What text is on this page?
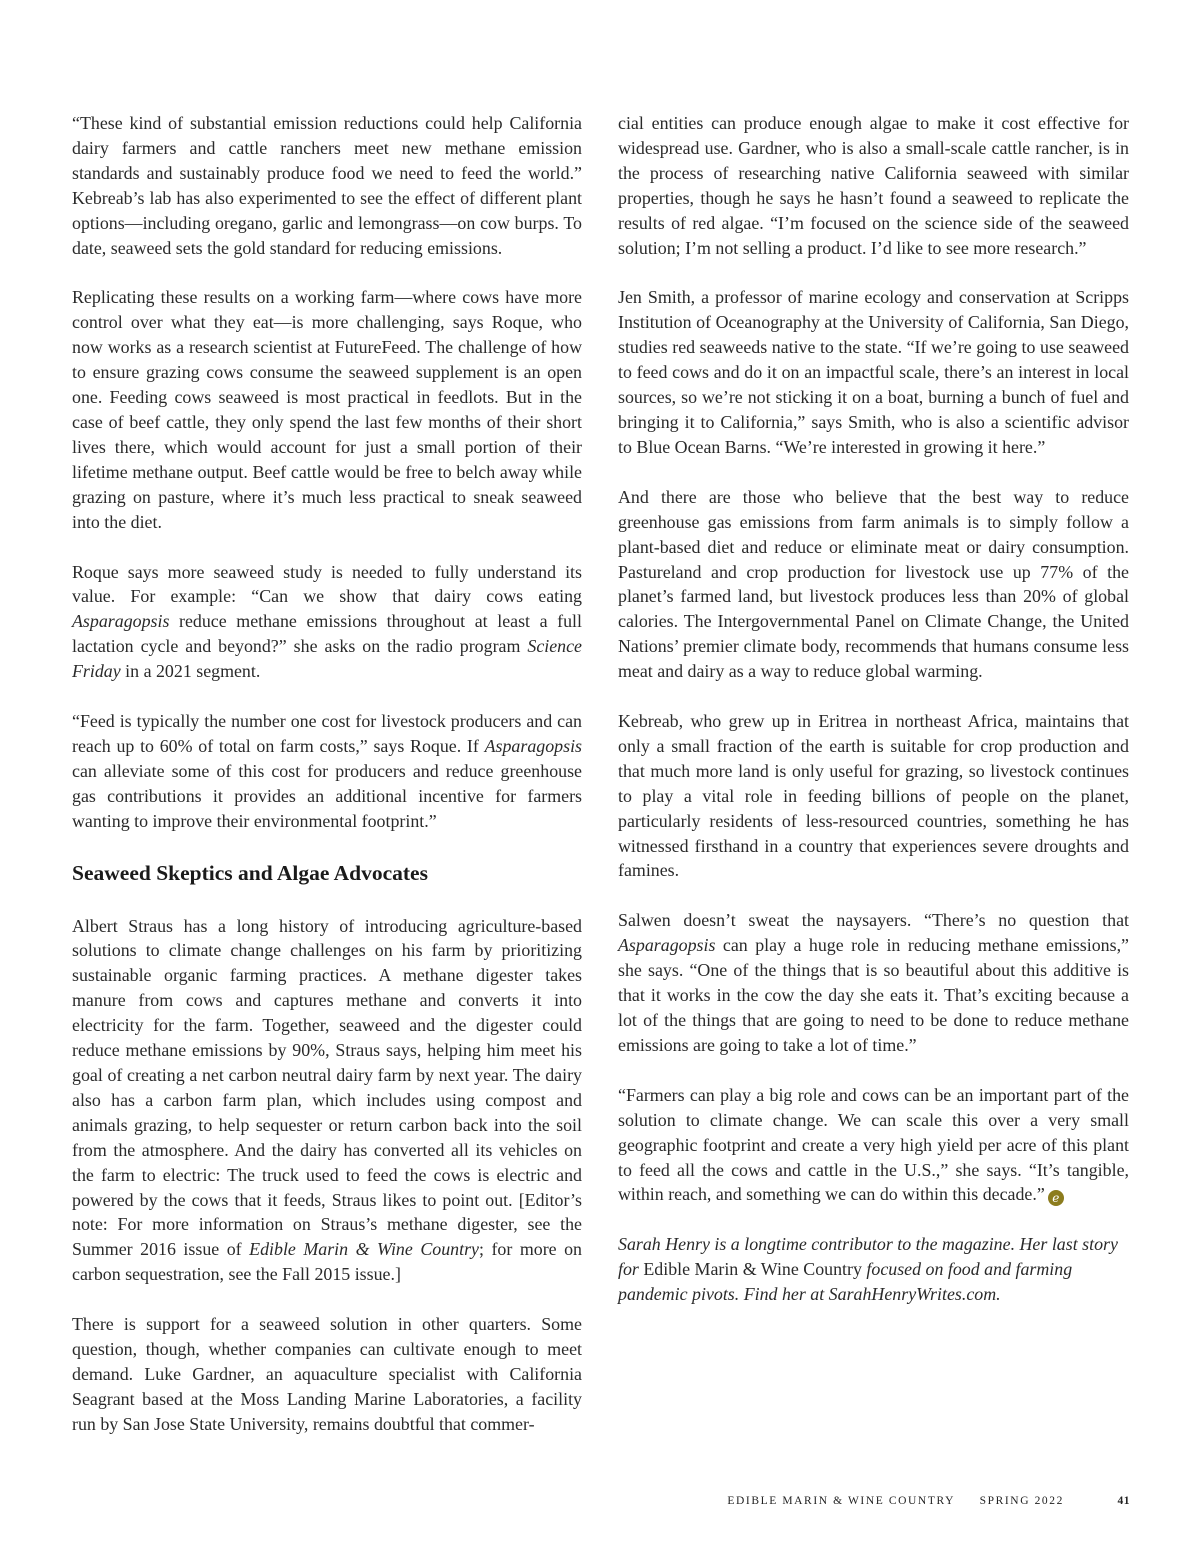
“These kind of substantial emission reductions could help California dairy farmers and cattle ranchers meet new methane emission standards and sustainably produce food we need to feed the world.” Kebreab’s lab has also experimented to see the effect of different plant options—including oregano, garlic and lemongrass—on cow burps. To date, seaweed sets the gold standard for reducing emissions.

Replicating these results on a working farm—where cows have more control over what they eat—is more challenging, says Roque, who now works as a research scientist at FutureFeed. The challenge of how to ensure grazing cows consume the seaweed supplement is an open one. Feeding cows seaweed is most practical in feedlots. But in the case of beef cattle, they only spend the last few months of their short lives there, which would account for just a small portion of their lifetime methane output. Beef cattle would be free to belch away while grazing on pasture, where it’s much less practical to sneak seaweed into the diet.

Roque says more seaweed study is needed to fully understand its value. For example: “Can we show that dairy cows eating Asparagopsis reduce methane emissions throughout at least a full lactation cycle and beyond?” she asks on the radio program Science Friday in a 2021 segment.

“Feed is typically the number one cost for livestock producers and can reach up to 60% of total on farm costs,” says Roque. If Asparagopsis can alleviate some of this cost for producers and reduce greenhouse gas contributions it provides an additional incentive for farmers wanting to improve their environmental footprint.”

Seaweed Skeptics and Algae Advocates

Albert Straus has a long history of introducing agriculture-based solutions to climate change challenges on his farm by prioritizing sustainable organic farming practices. A methane digester takes manure from cows and captures methane and converts it into electricity for the farm. Together, seaweed and the digester could reduce methane emissions by 90%, Straus says, helping him meet his goal of creating a net carbon neutral dairy farm by next year. The dairy also has a carbon farm plan, which includes using compost and animals grazing, to help sequester or return carbon back into the soil from the atmosphere. And the dairy has converted all its vehicles on the farm to electric: The truck used to feed the cows is electric and powered by the cows that it feeds, Straus likes to point out. [Editor’s note: For more information on Straus’s methane digester, see the Summer 2016 issue of Edible Marin & Wine Country; for more on carbon sequestration, see the Fall 2015 issue.]

There is support for a seaweed solution in other quarters. Some question, though, whether companies can cultivate enough to meet demand. Luke Gardner, an aquaculture specialist with California Seagrant based at the Moss Landing Marine Laboratories, a facility run by San Jose State University, remains doubtful that commer-

cial entities can produce enough algae to make it cost effective for widespread use. Gardner, who is also a small-scale cattle rancher, is in the process of researching native California seaweed with similar properties, though he says he hasn’t found a seaweed to replicate the results of red algae. “I’m focused on the science side of the seaweed solution; I’m not selling a product. I’d like to see more research.”

Jen Smith, a professor of marine ecology and conservation at Scripps Institution of Oceanography at the University of California, San Diego, studies red seaweeds native to the state. “If we’re going to use seaweed to feed cows and do it on an impactful scale, there’s an interest in local sources, so we’re not sticking it on a boat, burning a bunch of fuel and bringing it to California,” says Smith, who is also a scientific advisor to Blue Ocean Barns. “We’re interested in growing it here.”

And there are those who believe that the best way to reduce greenhouse gas emissions from farm animals is to simply follow a plant-based diet and reduce or eliminate meat or dairy consumption. Pastureland and crop production for livestock use up 77% of the planet’s farmed land, but livestock produces less than 20% of global calories. The Intergovernmental Panel on Climate Change, the United Nations’ premier climate body, recommends that humans consume less meat and dairy as a way to reduce global warming.

Kebreab, who grew up in Eritrea in northeast Africa, maintains that only a small fraction of the earth is suitable for crop production and that much more land is only useful for grazing, so livestock continues to play a vital role in feeding billions of people on the planet, particularly residents of less-resourced countries, something he has witnessed firsthand in a country that experiences severe droughts and famines.

Salwen doesn’t sweat the naysayers. “There’s no question that Asparagopsis can play a huge role in reducing methane emissions,” she says. “One of the things that is so beautiful about this additive is that it works in the cow the day she eats it. That’s exciting because a lot of the things that are going to need to be done to reduce methane emissions are going to take a lot of time.”

“Farmers can play a big role and cows can be an important part of the solution to climate change. We can scale this over a very small geographic footprint and create a very high yield per acre of this plant to feed all the cows and cattle in the U.S.,” she says. “It’s tangible, within reach, and something we can do within this decade.” e

Sarah Henry is a longtime contributor to the magazine. Her last story for Edible Marin & Wine Country focused on food and farming pandemic pivots. Find her at SarahHenryWrites.com.

EDIBLE MARIN & WINE COUNTRY SPRING 2022	41
